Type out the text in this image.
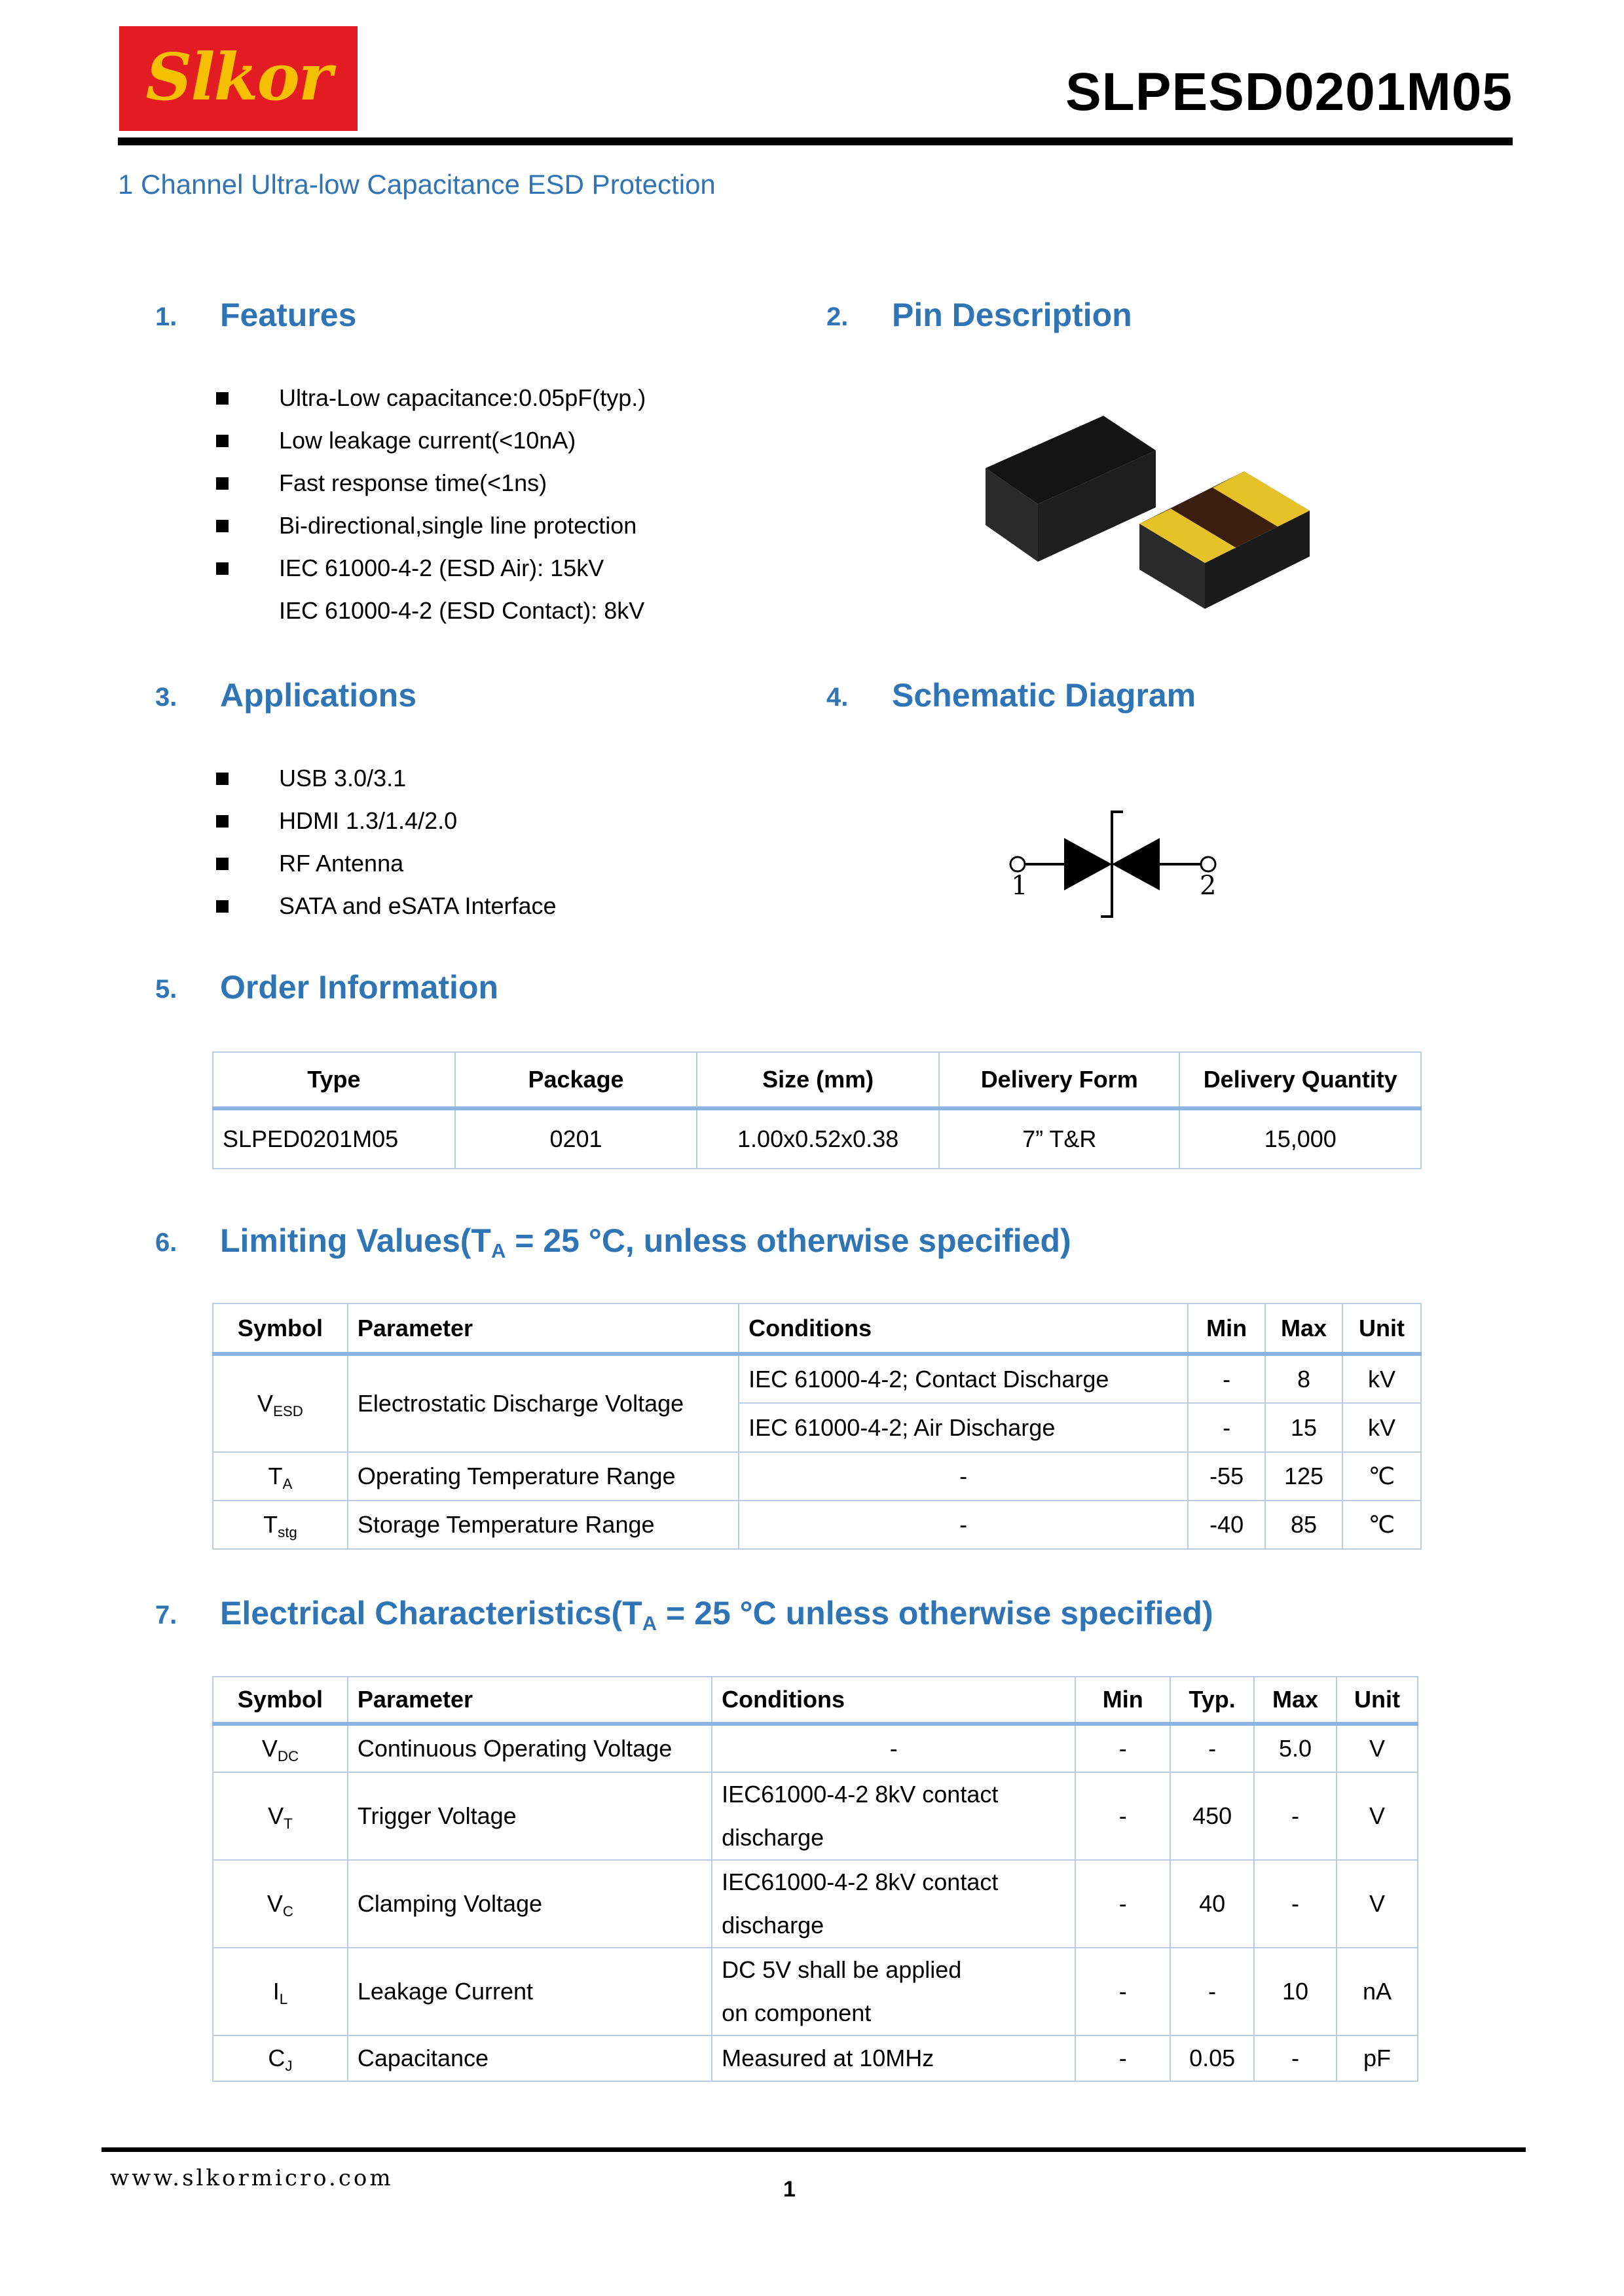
Slkor	SLPESD0201M05
1 Channel Ultra-low Capacitance ESD Protection
1. Features
Ultra-Low capacitance:0.05pF(typ.)
Low leakage current(<10nA)
Fast response time(<1ns)
Bi-directional,single line protection
IEC 61000-4-2 (ESD Air): 15kV
IEC 61000-4-2 (ESD Contact): 8kV
2. Pin Description
3. Applications
USB 3.0/3.1
HDMI 1.3/1.4/2.0
RF Antenna
SATA and eSATA Interface
4. Schematic Diagram
1	2
5. Order Information
Type	Package	Size (mm)	Delivery Form	Delivery Quantity
SLPED0201M05	0201	1.00x0.52x0.38	7” T&R	15,000
6. Limiting Values(TA = 25 °C, unless otherwise specified)
Symbol	Parameter	Conditions	Min	Max	Unit
VESD	Electrostatic Discharge Voltage	IEC 61000-4-2; Contact Discharge	-	8	kV
		IEC 61000-4-2; Air Discharge	-	15	kV
TA	Operating Temperature Range	-	-55	125	℃
Tstg	Storage Temperature Range	-	-40	85	℃
7. Electrical Characteristics(TA = 25 °C unless otherwise specified)
Symbol	Parameter	Conditions	Min	Typ.	Max	Unit
VDC	Continuous Operating Voltage	-	-	-	5.0	V
VT	Trigger Voltage	IEC61000-4-2 8kV contact
discharge	-	450	-	V
VC	Clamping Voltage	IEC61000-4-2 8kV contact
discharge	-	40	-	V
IL	Leakage Current	DC 5V shall be applied
on component	-	-	10	nA
CJ	Capacitance	Measured at 10MHz	-	0.05	-	pF
www.slkormicro.com	1
